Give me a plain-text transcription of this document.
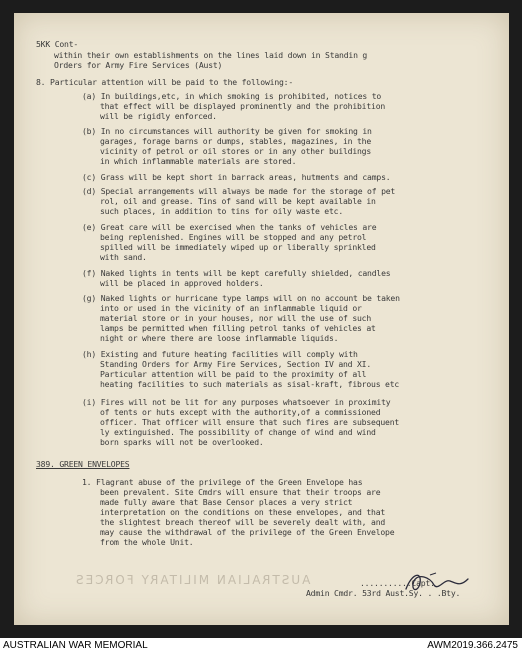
AUSTRALIAN MILITARY FORCES
5KK Cont-
within their own establishments on the lines laid down in Standin g
Orders for Army Fire Services (Aust)
8. Particular attention will be paid to the following:-
(a) In buildings,etc, in which smoking is prohibited, notices to
that effect will be displayed prominently and the prohibition
will be rigidly enforced.
(b) In no circumstances will authority be given for smoking in
garages, forage barns or dumps, stables, magazines, in the
vicinity of petrol or oil stores or in any other buildings
in which inflammable materials are stored.
(c) Grass will be kept short in barrack areas, hutments and camps.
(d) Special arrangements will always be made for the storage of pet
rol, oil and grease. Tins of sand will be kept available in
such places, in addition to tins for oily waste etc.
(e) Great care will be exercised when the tanks of vehicles are
being replenished. Engines will be stopped and any petrol
spilled will be immediately wiped up or liberally sprinkled
with sand.
(f) Naked lights in tents will be kept carefully shielded, candles
will be placed in approved holders.
(g) Naked lights or hurricane type lamps will on no account be taken
into or used in the vicinity of an inflammable liquid or
material store or in your houses, nor will the use of such
lamps be permitted when filling petrol tanks of vehicles at
night or where there are loose inflammable liquids.
(h) Existing and future heating facilities will comply with
Standing Orders for Army Fire Services, Section IV and XI.
Particular attention will be paid to the proximity of all
heating facilities to such materials as sisal-kraft, fibrous etc
(i) Fires will not be lit for any purposes whatsoever in proximity
of tents or huts except with the authority,of a commissioned
officer. That officer will ensure that such fires are subsequent
ly extinguished. The possibility of change of wind and wind
born sparks will not be overlooked.
389. GREEN ENVELOPES
1. Flagrant abuse of the privilege of the Green Envelope has
been prevalent. Site Cmdrs will ensure that their troops are
made fully aware that Base Censor places a very strict
interpretation on the conditions on these envelopes, and that
the slightest breach thereof will be severely dealt with, and
may cause the withdrawal of the privilege of the Green Envelope
from the whole Unit.
...........Capt.
Admin Cmdr. 53rd Aust.Sy. . .Bty.
AUSTRALIAN WAR MEMORIAL	AWM2019.366.2475
